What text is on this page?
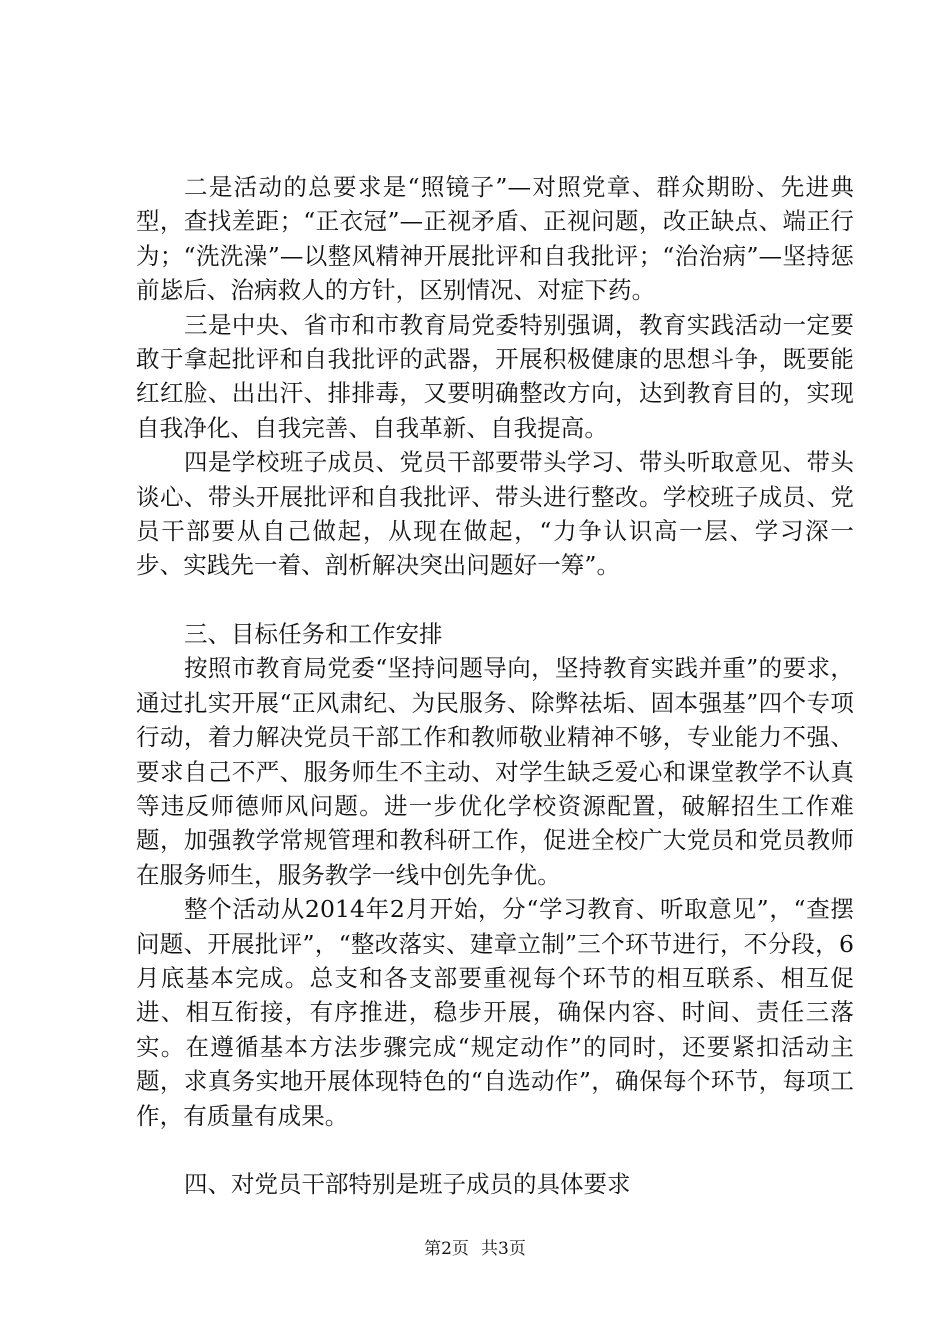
二是活动的总要求是“照镜子”—对照党章、群众期盼、先进典型，查找差距；“正衣冠”—正视矛盾、正视问题，改正缺点、端正行为；“洗洗澡”—以整风精神开展批评和自我批评；“治治病”—坚持惩前毖后、治病救人的方针，区别情况、对症下药。

三是中央、省市和市教育局党委特别强调，教育实践活动一定要敢于拿起批评和自我批评的武器，开展积极健康的思想斗争，既要能红红脸、出出汗、排排毒，又要明确整改方向，达到教育目的，实现自我净化、自我完善、自我革新、自我提高。

四是学校班子成员、党员干部要带头学习、带头听取意见、带头谈心、带头开展批评和自我批评、带头进行整改。学校班子成员、党员干部要从自己做起，从现在做起，“力争认识高一层、学习深一步、实践先一着、剖析解决突出问题好一筹”。

三、目标任务和工作安排

按照市教育局党委“坚持问题导向，坚持教育实践并重”的要求，通过扎实开展“正风肃纪、为民服务、除弊祛垢、固本强基”四个专项行动，着力解决党员干部工作和教师敬业精神不够，专业能力不强、要求自己不严、服务师生不主动、对学生缺乏爱心和课堂教学不认真等违反师德师风问题。进一步优化学校资源配置，破解招生工作难题，加强教学常规管理和教科研工作，促进全校广大党员和党员教师在服务师生，服务教学一线中创先争优。

整个活动从2014年2月开始，分“学习教育、听取意见”，“查摆问题、开展批评”，“整改落实、建章立制”三个环节进行，不分段，6月底基本完成。总支和各支部要重视每个环节的相互联系、相互促进、相互衔接，有序推进，稳步开展，确保内容、时间、责任三落实。在遵循基本方法步骤完成“规定动作”的同时，还要紧扣活动主题，求真务实地开展体现特色的“自选动作”，确保每个环节，每项工作，有质量有成果。

四、对党员干部特别是班子成员的具体要求

第2页 共3页
